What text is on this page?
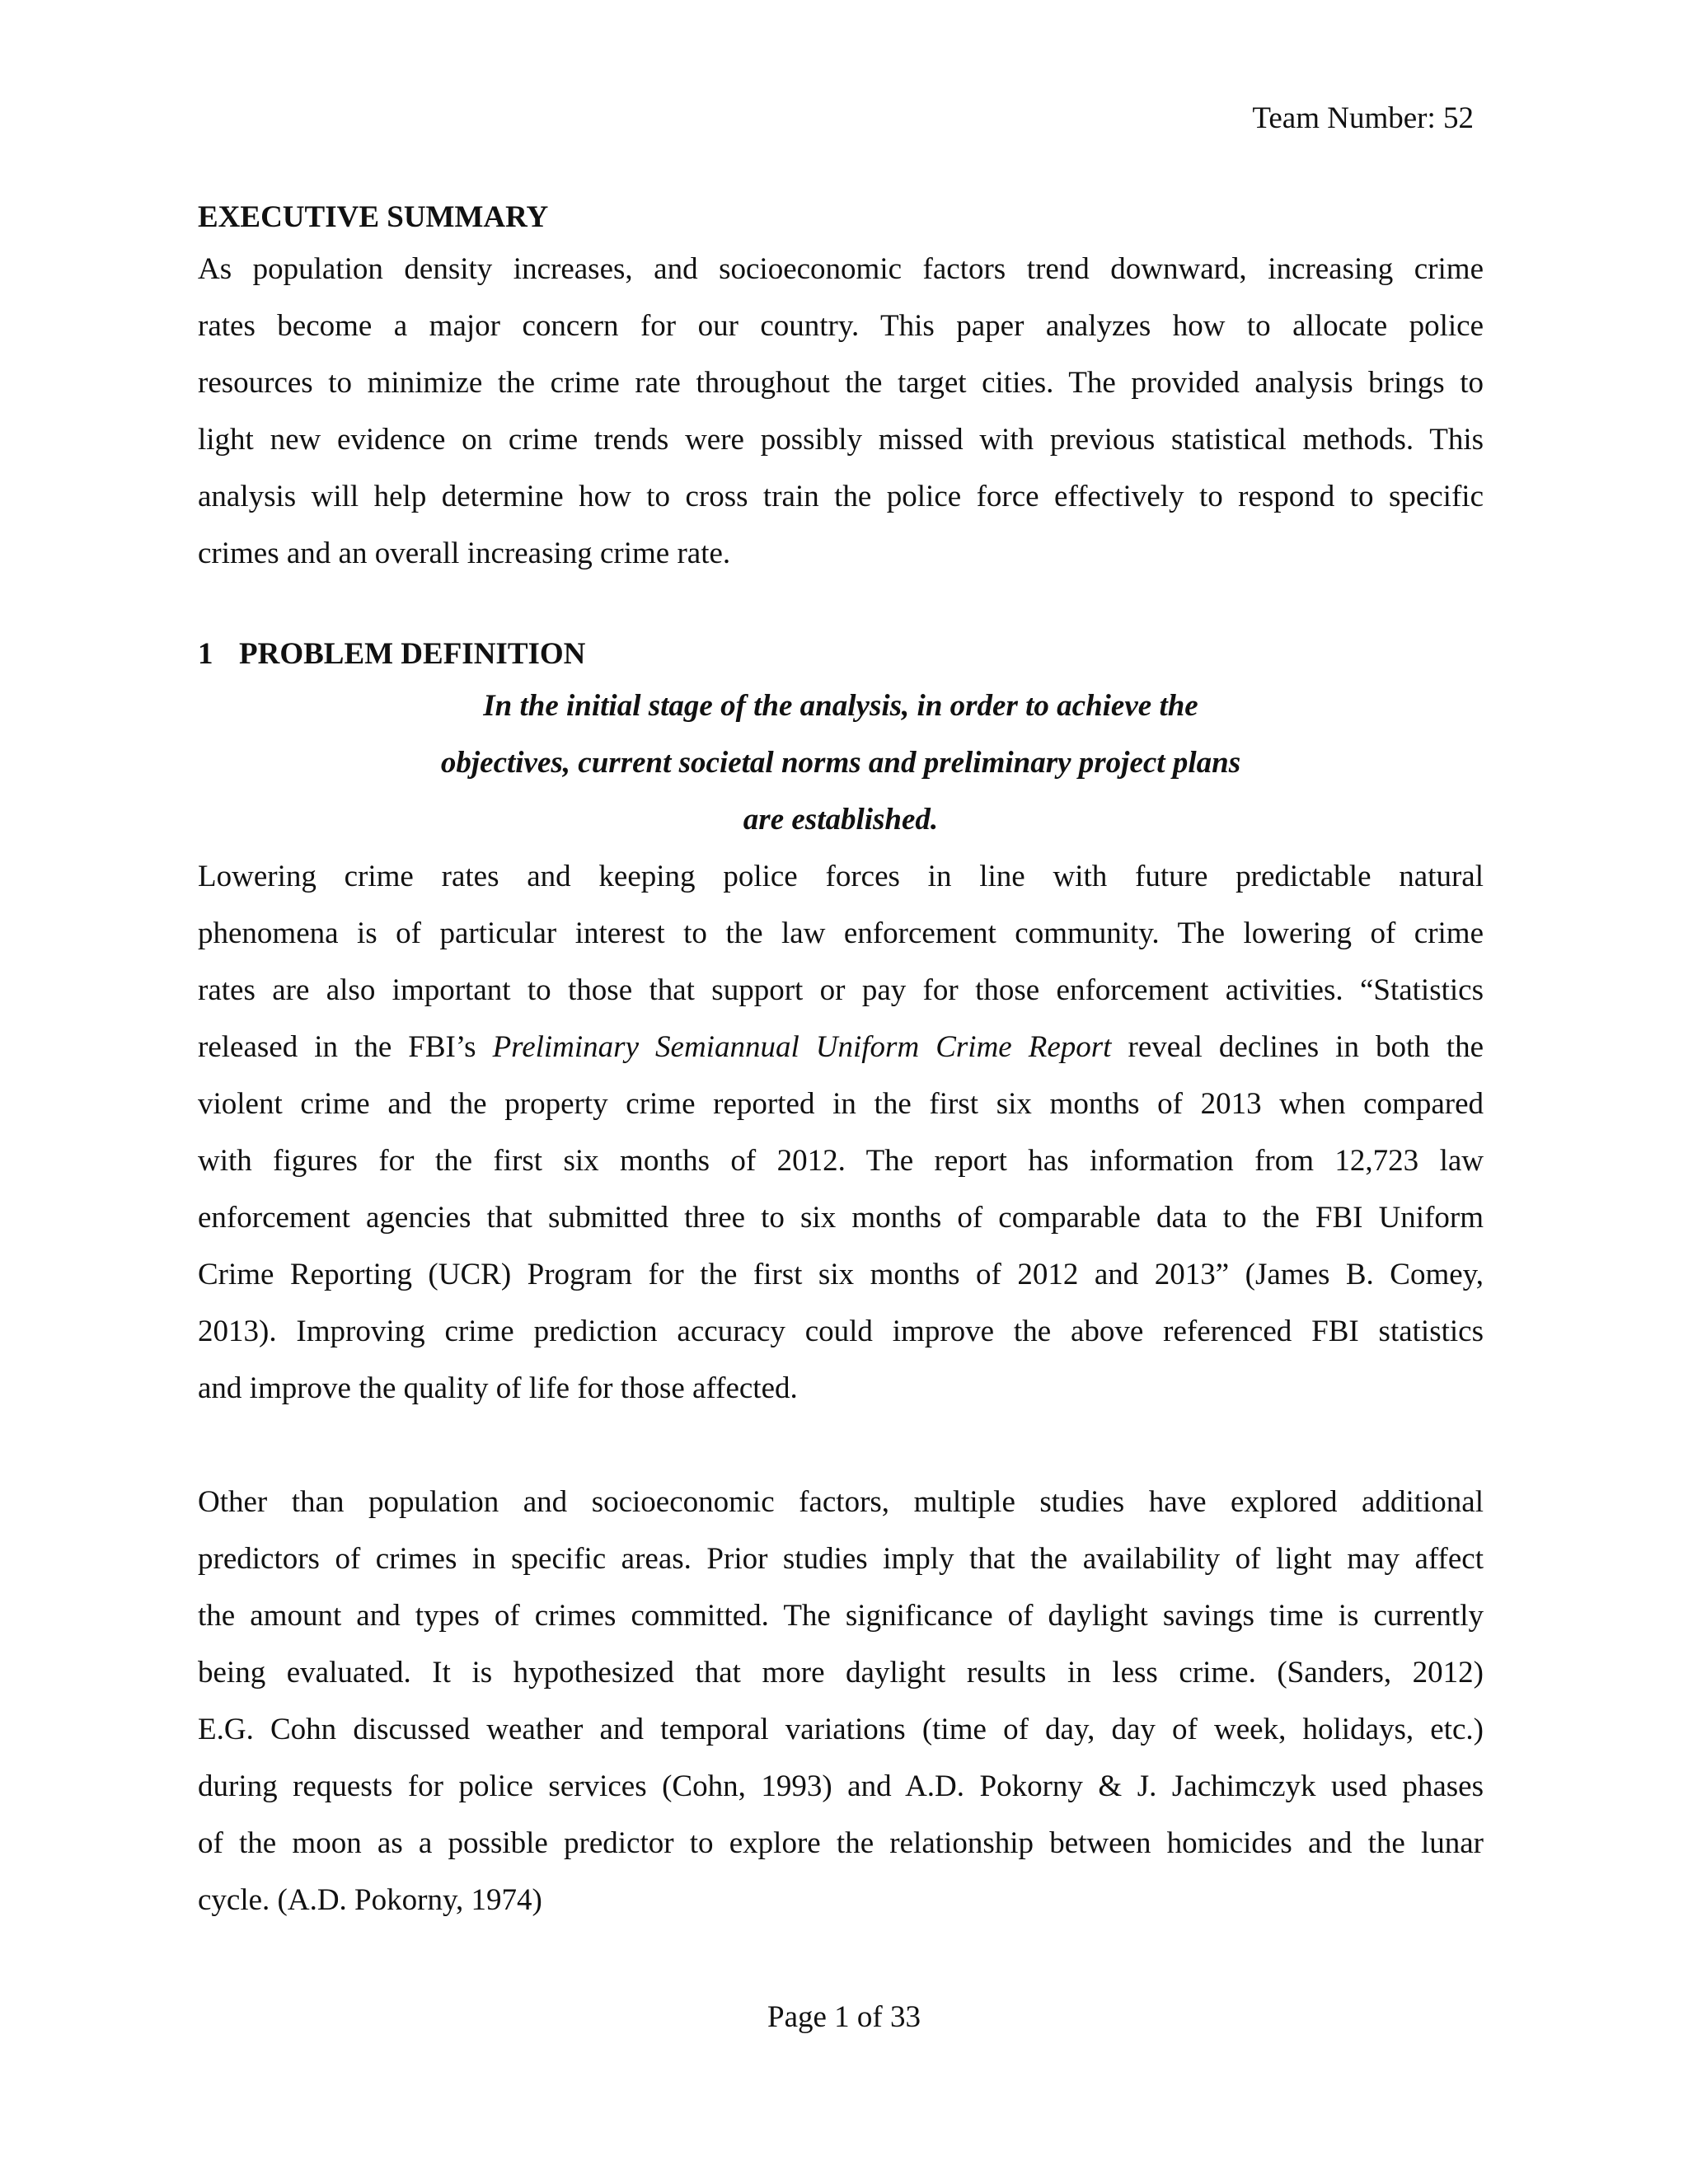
Team Number: 52
EXECUTIVE SUMMARY
As population density increases, and socioeconomic factors trend downward, increasing crime
rates become a major concern for our country. This paper analyzes how to allocate police
resources to minimize the crime rate throughout the target cities. The provided analysis brings to
light new evidence on crime trends were possibly missed with previous statistical methods. This
analysis will help determine how to cross train the police force effectively to respond to specific
crimes and an overall increasing crime rate.
1 PROBLEM DEFINITION
In the initial stage of the analysis, in order to achieve the
objectives, current societal norms and preliminary project plans
are established.
Lowering crime rates and keeping police forces in line with future predictable natural
phenomena is of particular interest to the law enforcement community. The lowering of crime
rates are also important to those that support or pay for those enforcement activities. “Statistics
released in the FBI’s Preliminary Semiannual Uniform Crime Report reveal declines in both the
violent crime and the property crime reported in the first six months of 2013 when compared
with figures for the first six months of 2012. The report has information from 12,723 law
enforcement agencies that submitted three to six months of comparable data to the FBI Uniform
Crime Reporting (UCR) Program for the first six months of 2012 and 2013” (James B. Comey,
2013). Improving crime prediction accuracy could improve the above referenced FBI statistics
and improve the quality of life for those affected.
Other than population and socioeconomic factors, multiple studies have explored additional
predictors of crimes in specific areas. Prior studies imply that the availability of light may affect
the amount and types of crimes committed. The significance of daylight savings time is currently
being evaluated. It is hypothesized that more daylight results in less crime. (Sanders, 2012)
E.G. Cohn discussed weather and temporal variations (time of day, day of week, holidays, etc.)
during requests for police services (Cohn, 1993) and A.D. Pokorny & J. Jachimczyk used phases
of the moon as a possible predictor to explore the relationship between homicides and the lunar
cycle. (A.D. Pokorny, 1974)
Page 1 of 33
